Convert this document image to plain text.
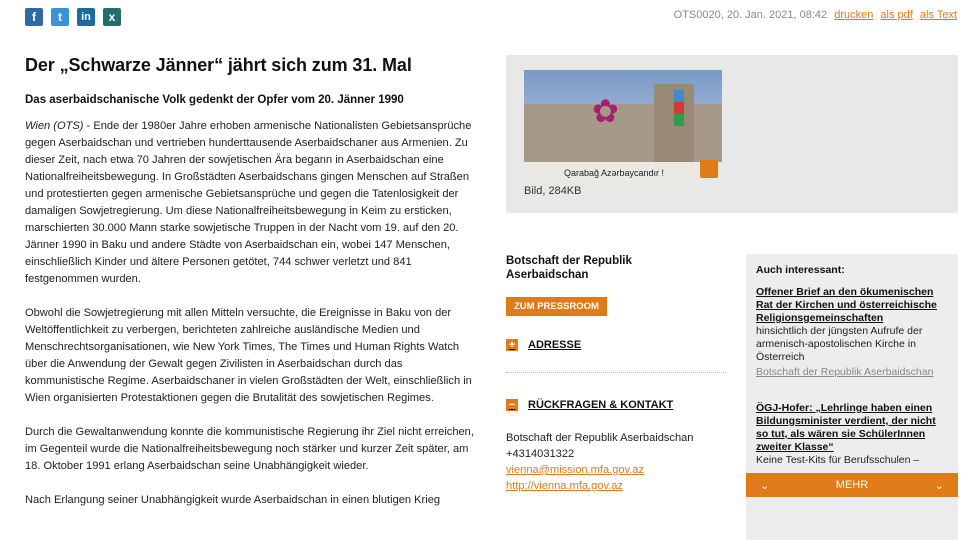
f	t	in	x	OTS0020, 20. Jan. 2021, 08:42 drucken als pdf als Text
Der „Schwarze Jänner“ jährt sich zum 31. Mal
Das aserbaidschanische Volk gedenkt der Opfer vom 20. Jänner 1990

Wien (OTS) - Ende der 1980er Jahre erhoben armenische Nationalisten Gebietsansprüche gegen Aserbaidschan und vertrieben hunderttausende Aserbaidschaner aus Armenien. Zu dieser Zeit, nach etwa 70 Jahren der sowjetischen Ära begann in Aserbaidschan eine Nationalfreiheitsbewegung. In Großstädten Aserbaidschans gingen Menschen auf Straßen und protestierten gegen armenische Gebietsansprüche und gegen die Tatenlosigkeit der damaligen Sowjetregierung. Um diese Nationalfreiheitsbewegung in Keim zu ersticken, marschierten 30.000 Mann starke sowjetische Truppen in der Nacht vom 19. auf den 20. Jänner 1990 in Baku und andere Städte von Aserbaidschan ein, wobei 147 Menschen, einschließlich Kinder und ältere Personen getötet, 744 schwer verletzt und 841 festgenommen wurden.

Obwohl die Sowjetregierung mit allen Mitteln versuchte, die Ereignisse in Baku von der Weltöffentlichkeit zu verbergen, berichteten zahlreiche ausländische Medien und Menschrechtsorganisationen, wie New York Times, The Times und Human Rights Watch über die Anwendung der Gewalt gegen Zivilisten in Aserbaidschan durch das kommunistische Regime. Aserbaidschaner in vielen Großstädten der Welt, einschließlich in Wien organisierten Protestaktionen gegen die Brutalität des sowjetischen Regimes.

Durch die Gewaltanwendung konnte die kommunistische Regierung ihr Ziel nicht erreichen, im Gegenteil wurde die Nationalfreiheitsbewegung noch stärker und kurzer Zeit später, am 18. Oktober 1991 erlang Aserbaidschan seine Unabhängigkeit wieder.

Nach Erlangung seiner Unabhängigkeit wurde Aserbaidschan in einen blutigen Krieg

✿
Qarabağ Azərbaycandır !
Bild, 284KB
Botschaft der Republik Aserbaidschan
ZUM PRESSROOM
+ ADRESSE
− RÜCKFRAGEN & KONTAKT
Botschaft der Republik Aserbaidschan
+4314031322
vienna@mission.mfa.gov.az
http://vienna.mfa.gov.az
Auch interessant:
Offener Brief an den ökumenischen Rat der Kirchen und österreichische Religionsgemeinschaften
hinsichtlich der jüngsten Aufrufe der armenisch-apostolischen Kirche in Österreich
Botschaft der Republik Aserbaidschan
ÖGJ-Hofer: „Lehrlinge haben einen Bildungsminister verdient, der nicht so tut, als wären sie SchülerInnen zweiter Klasse“
Keine Test-Kits für Berufsschulen –
⌄	MEHR	⌄
